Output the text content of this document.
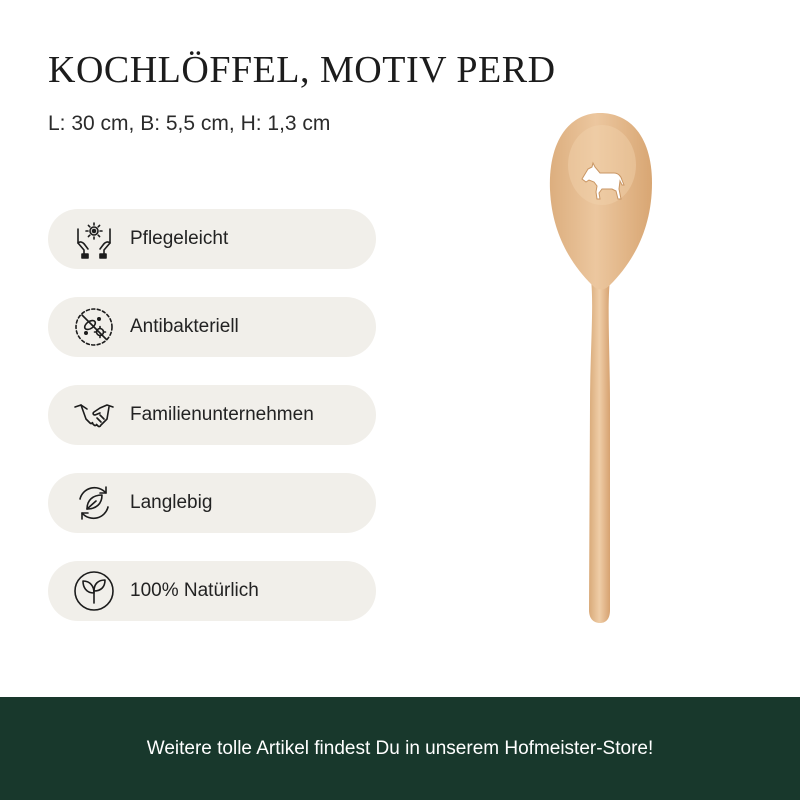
KOCHLÖFFEL, MOTIV PERD
L: 30 cm, B: 5,5 cm, H: 1,3 cm
Pflegeleicht
Antibakteriell
Familienunternehmen
Langlebig
100% Natürlich
Weitere tolle Artikel findest Du in unserem Hofmeister-Store!
